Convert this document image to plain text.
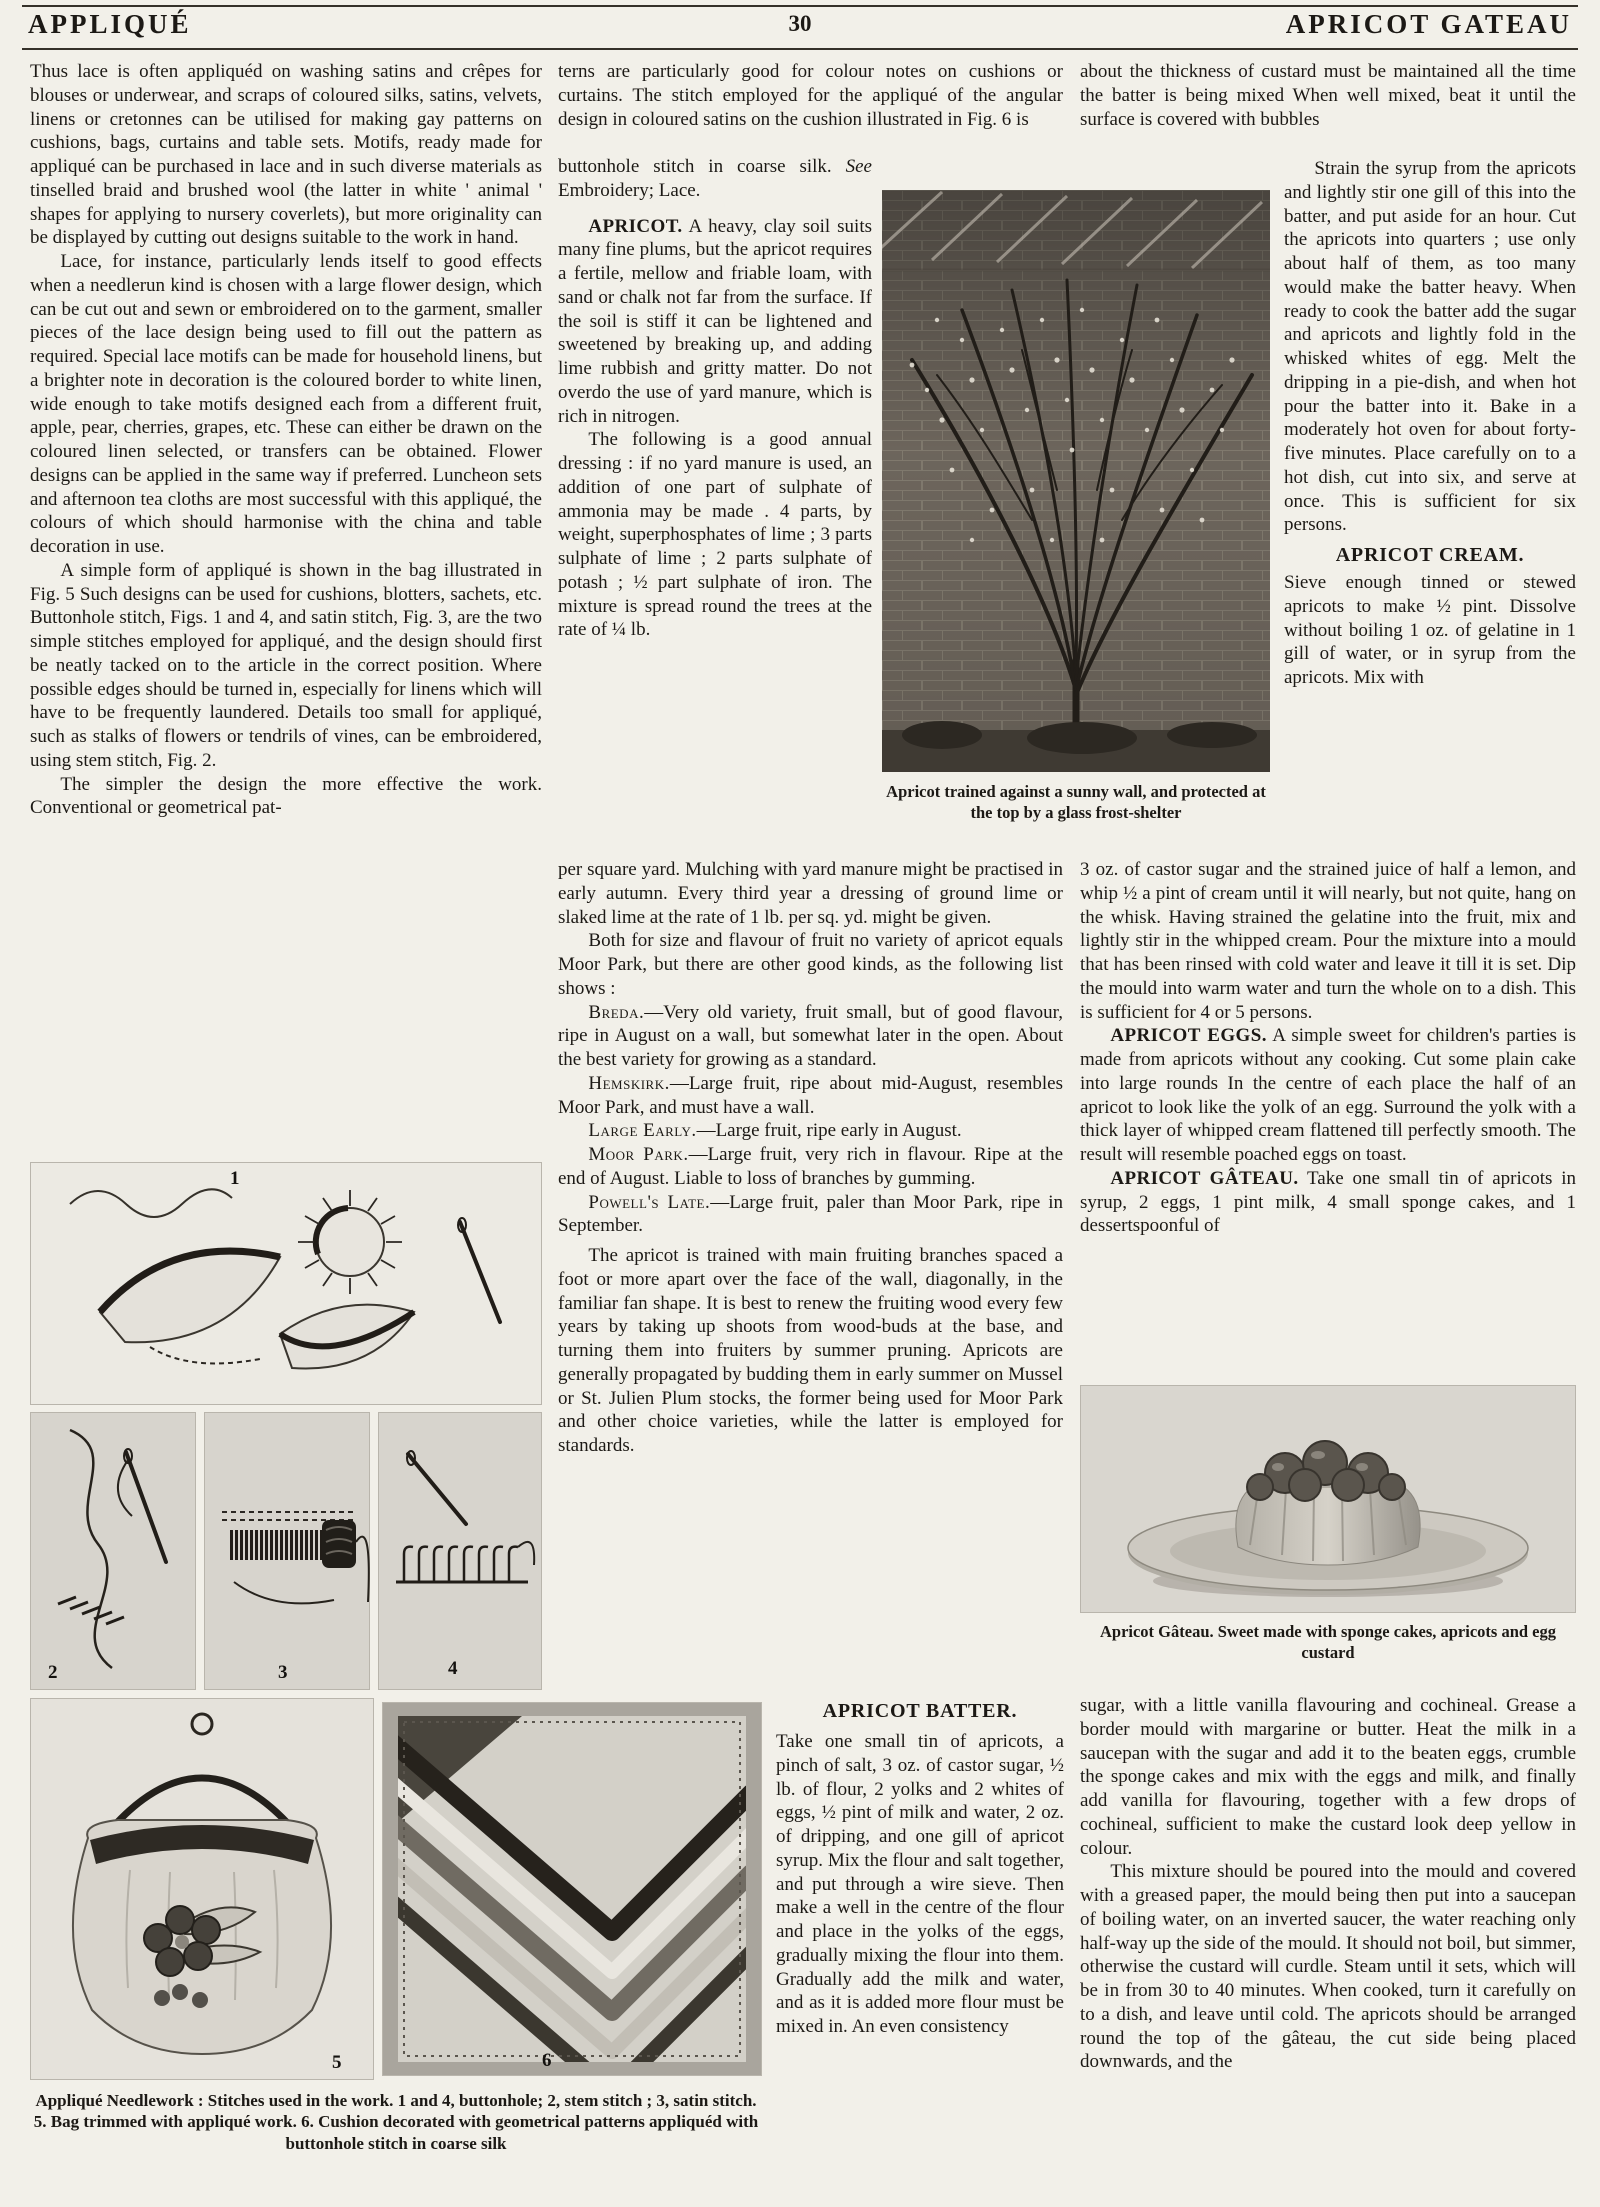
APPLIQUÉ	30	APRICOT GATEAU

Thus lace is often appliquéd on washing satins and crêpes for blouses or underwear, and scraps of coloured silks, satins, velvets, linens or cretonnes can be utilised for making gay patterns on cushions, bags, curtains and table sets. Motifs, ready made for appliqué can be purchased in lace and in such diverse materials as tinselled braid and brushed wool (the latter in white ' animal ' shapes for applying to nursery coverlets), but more originality can be displayed by cutting out designs suitable to the work in hand.

Lace, for instance, particularly lends itself to good effects when a needlerun kind is chosen with a large flower design, which can be cut out and sewn or embroidered on to the garment, smaller pieces of the lace design being used to fill out the pattern as required. Special lace motifs can be made for household linens, but a brighter note in decoration is the coloured border to white linen, wide enough to take motifs designed each from a different fruit, apple, pear, cherries, grapes, etc. These can either be drawn on the coloured linen selected, or transfers can be obtained. Flower designs can be applied in the same way if preferred. Luncheon sets and afternoon tea cloths are most successful with this appliqué, the colours of which should harmonise with the china and table decoration in use.

A simple form of appliqué is shown in the bag illustrated in Fig. 5 Such designs can be used for cushions, blotters, sachets, etc. Buttonhole stitch, Figs. 1 and 4, and satin stitch, Fig. 3, are the two simple stitches employed for appliqué, and the design should first be neatly tacked on to the article in the correct position. Where possible edges should be turned in, especially for linens which will have to be frequently laundered. Details too small for appliqué, such as stalks of flowers or tendrils of vines, can be embroidered, using stem stitch, Fig. 2.

The simpler the design the more effective the work. Conventional or geometrical pat-

1
2	3	4
5	6
Appliqué Needlework : Stitches used in the work. 1 and 4, buttonhole; 2, stem stitch ; 3, satin stitch. 5. Bag trimmed with appliqué work. 6. Cushion decorated with geometrical patterns appliquéd with buttonhole stitch in coarse silk

terns are particularly good for colour notes on cushions or curtains. The stitch employed for the appliqué of the angular design in coloured satins on the cushion illustrated in Fig. 6 is

buttonhole stitch in coarse silk. See Embroidery; Lace.

APRICOT. A heavy, clay soil suits many fine plums, but the apricot requires a fertile, mellow and friable loam, with sand or chalk not far from the surface. If the soil is stiff it can be lightened and sweetened by breaking up, and adding lime rubbish and gritty matter. Do not overdo the use of yard manure, which is rich in nitrogen.

The following is a good annual dressing : if no yard manure is used, an addition of one part of sulphate of ammonia may be made . 4 parts, by weight, superphosphates of lime ; 3 parts sulphate of lime ; 2 parts sulphate of potash ; ½ part sulphate of iron. The mixture is spread round the trees at the rate of ¼ lb.

Apricot trained against a sunny wall, and protected at the top by a glass frost-shelter

per square yard. Mulching with yard manure might be practised in early autumn. Every third year a dressing of ground lime or slaked lime at the rate of 1 lb. per sq. yd. might be given.

Both for size and flavour of fruit no variety of apricot equals Moor Park, but there are other good kinds, as the following list shows :

Breda.—Very old variety, fruit small, but of good flavour, ripe in August on a wall, but somewhat later in the open. About the best variety for growing as a standard.

Hemskirk.—Large fruit, ripe about mid-August, resembles Moor Park, and must have a wall.

Large Early.—Large fruit, ripe early in August.

Moor Park.—Large fruit, very rich in flavour. Ripe at the end of August. Liable to loss of branches by gumming.

Powell's Late.—Large fruit, paler than Moor Park, ripe in September.

The apricot is trained with main fruiting branches spaced a foot or more apart over the face of the wall, diagonally, in the familiar fan shape. It is best to renew the fruiting wood every few years by taking up shoots from wood-buds at the base, and turning them into fruiters by summer pruning. Apricots are generally propagated by budding them in early summer on Mussel or St. Julien Plum stocks, the former being used for Moor Park and other choice varieties, while the latter is employed for standards.

APRICOT BATTER.

Take one small tin of apricots, a pinch of salt, 3 oz. of castor sugar, ½ lb. of flour, 2 yolks and 2 whites of eggs, ½ pint of milk and water, 2 oz. of dripping, and one gill of apricot syrup. Mix the flour and salt together, and put through a wire sieve. Then make a well in the centre of the flour and place in the yolks of the eggs, gradually mixing the flour into them. Gradually add the milk and water, and as it is added more flour must be mixed in. An even consistency

about the thickness of custard must be maintained all the time the batter is being mixed When well mixed, beat it until the surface is covered with bubbles

Strain the syrup from the apricots and lightly stir one gill of this into the batter, and put aside for an hour. Cut the apricots into quarters ; use only about half of them, as too many would make the batter heavy. When ready to cook the batter add the sugar and apricots and lightly fold in the whisked whites of egg. Melt the dripping in a pie-dish, and when hot pour the batter into it. Bake in a moderately hot oven for about forty-five minutes. Place carefully on to a hot dish, cut into six, and serve at once. This is sufficient for six persons.

APRICOT CREAM.

Sieve enough tinned or stewed apricots to make ½ pint. Dissolve without boiling 1 oz. of gelatine in 1 gill of water, or in syrup from the apricots. Mix with

3 oz. of castor sugar and the strained juice of half a lemon, and whip ½ a pint of cream until it will nearly, but not quite, hang on the whisk. Having strained the gelatine into the fruit, mix and lightly stir in the whipped cream. Pour the mixture into a mould that has been rinsed with cold water and leave it till it is set. Dip the mould into warm water and turn the whole on to a dish. This is sufficient for 4 or 5 persons.

APRICOT EGGS. A simple sweet for children's parties is made from apricots without any cooking. Cut some plain cake into large rounds In the centre of each place the half of an apricot to look like the yolk of an egg. Surround the yolk with a thick layer of whipped cream flattened till perfectly smooth. The result will resemble poached eggs on toast.

APRICOT GÂTEAU. Take one small tin of apricots in syrup, 2 eggs, 1 pint milk, 4 small sponge cakes, and 1 dessertspoonful of

Apricot Gâteau. Sweet made with sponge cakes, apricots and egg custard

sugar, with a little vanilla flavouring and cochineal. Grease a border mould with margarine or butter. Heat the milk in a saucepan with the sugar and add it to the beaten eggs, crumble the sponge cakes and mix with the eggs and milk, and finally add vanilla for flavouring, together with a few drops of cochineal, sufficient to make the custard look deep yellow in colour.

This mixture should be poured into the mould and covered with a greased paper, the mould being then put into a saucepan of boiling water, on an inverted saucer, the water reaching only half-way up the side of the mould. It should not boil, but simmer, otherwise the custard will curdle. Steam until it sets, which will be in from 30 to 40 minutes. When cooked, turn it carefully on to a dish, and leave until cold. The apricots should be arranged round the top of the gâteau, the cut side being placed downwards, and the
